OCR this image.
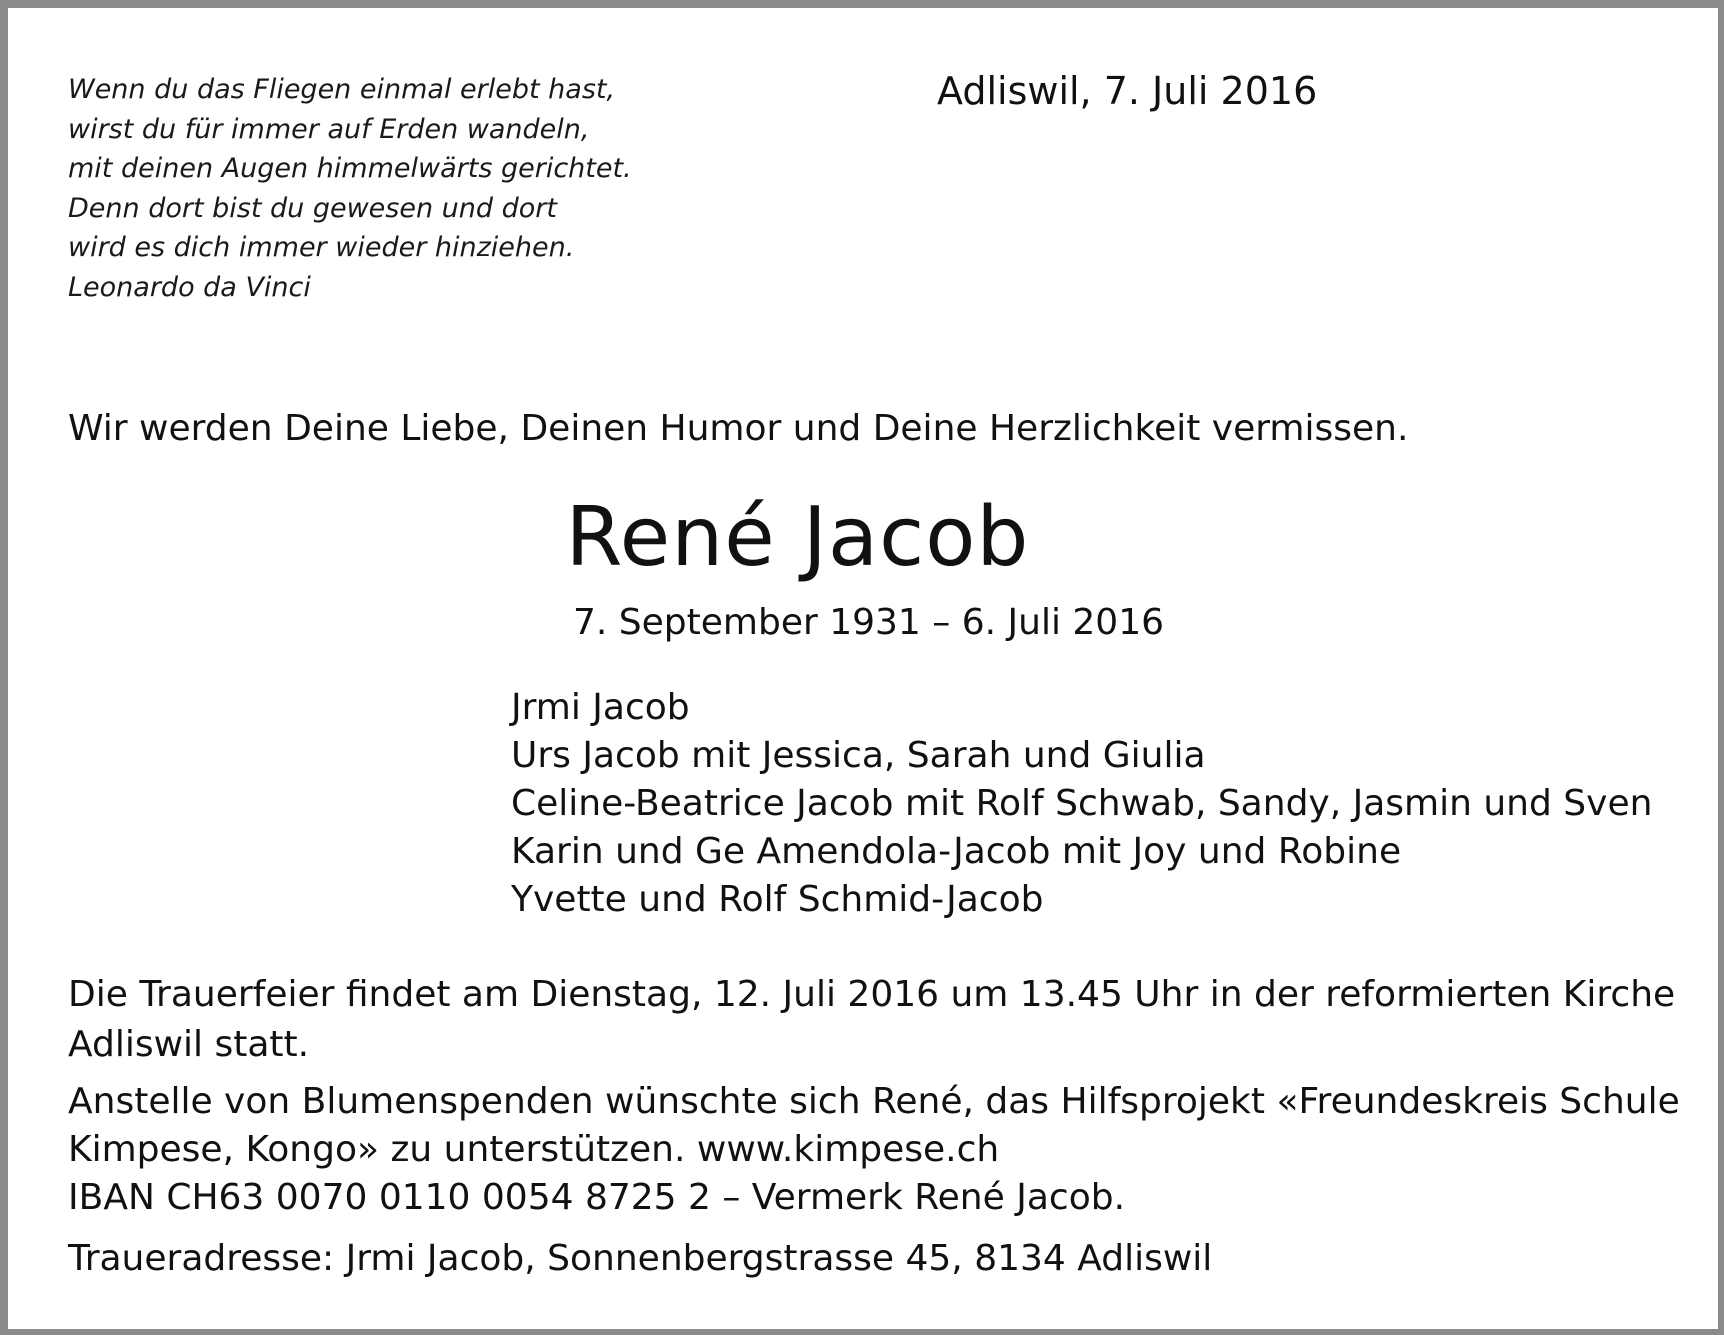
Wenn du das Fliegen einmal erlebt hast,
wirst du für immer auf Erden wandeln,
mit deinen Augen himmelwärts gerichtet.
Denn dort bist du gewesen und dort
wird es dich immer wieder hinziehen.
Leonardo da Vinci
Adliswil, 7. Juli 2016
Wir werden Deine Liebe, Deinen Humor und Deine Herzlichkeit vermissen.
René Jacob
7. September 1931 – 6. Juli 2016
Jrmi Jacob
Urs Jacob mit Jessica, Sarah und Giulia
Celine-Beatrice Jacob mit Rolf Schwab, Sandy, Jasmin und Sven
Karin und Ge Amendola-Jacob mit Joy und Robine
Yvette und Rolf Schmid-Jacob
Die Trauerfeier findet am Dienstag, 12. Juli 2016 um 13.45 Uhr in der reformierten Kirche
Adliswil statt.
Anstelle von Blumenspenden wünschte sich René, das Hilfsprojekt «Freundeskreis Schule
Kimpese, Kongo» zu unterstützen. www.kimpese.ch
IBAN CH63 0070 0110 0054 8725 2 – Vermerk René Jacob.
Traueradresse: Jrmi Jacob, Sonnenbergstrasse 45, 8134 Adliswil
